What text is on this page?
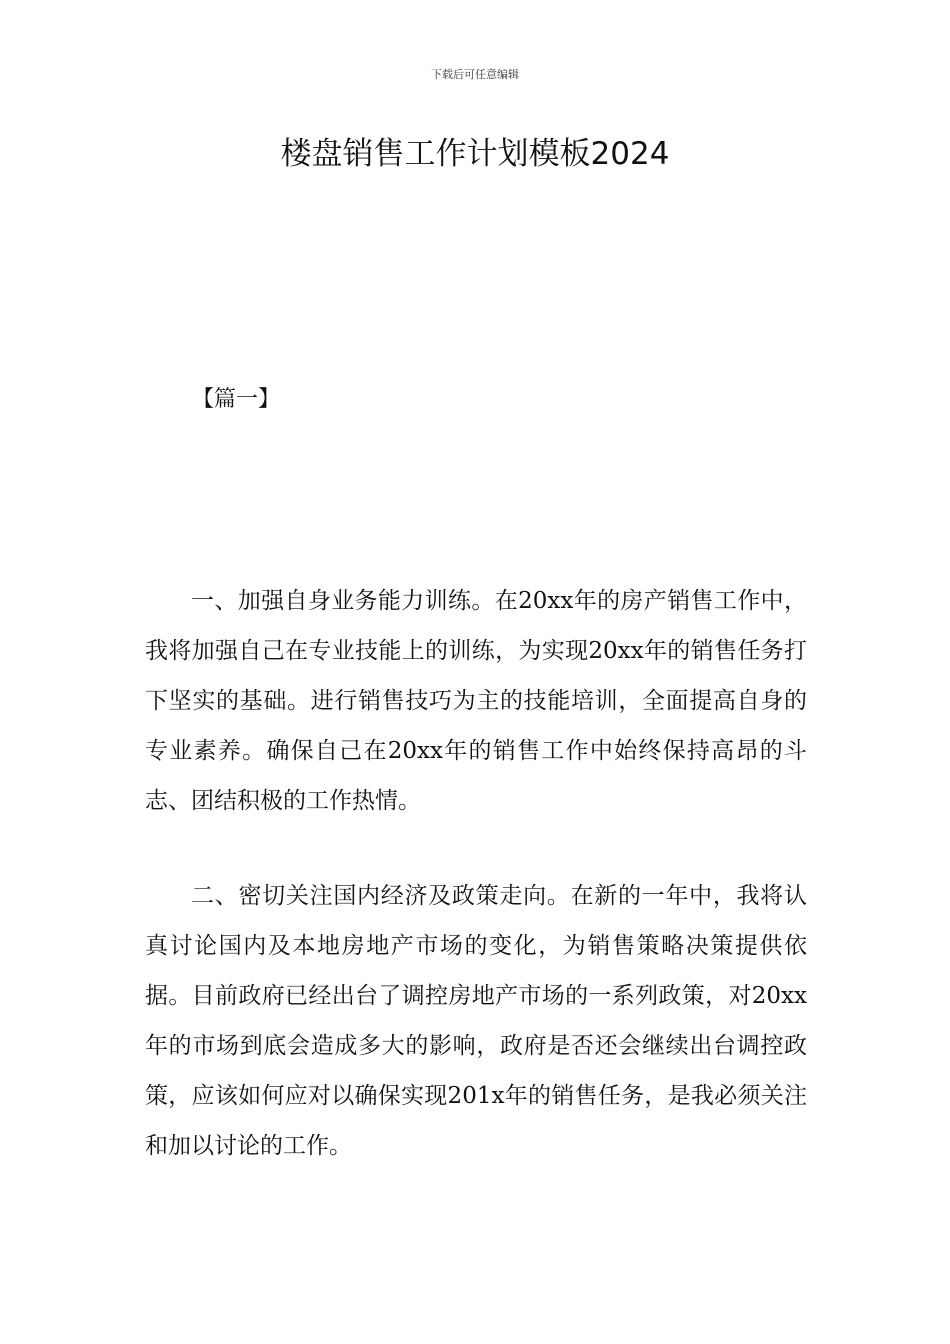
下载后可任意编辑
楼盘销售工作计划模板2024
【篇一】
一、加强自身业务能力训练。在20xx年的房产销售工作中，我将加强自己在专业技能上的训练，为实现20xx年的销售任务打下坚实的基础。进行销售技巧为主的技能培训，全面提高自身的专业素养。确保自己在20xx年的销售工作中始终保持高昂的斗志、团结积极的工作热情。
二、密切关注国内经济及政策走向。在新的一年中，我将认真讨论国内及本地房地产市场的变化，为销售策略决策提供依据。目前政府已经出台了调控房地产市场的一系列政策，对20xx年的市场到底会造成多大的影响，政府是否还会继续出台调控政策，应该如何应对以确保实现201x年的销售任务，是我必须关注和加以讨论的工作。
